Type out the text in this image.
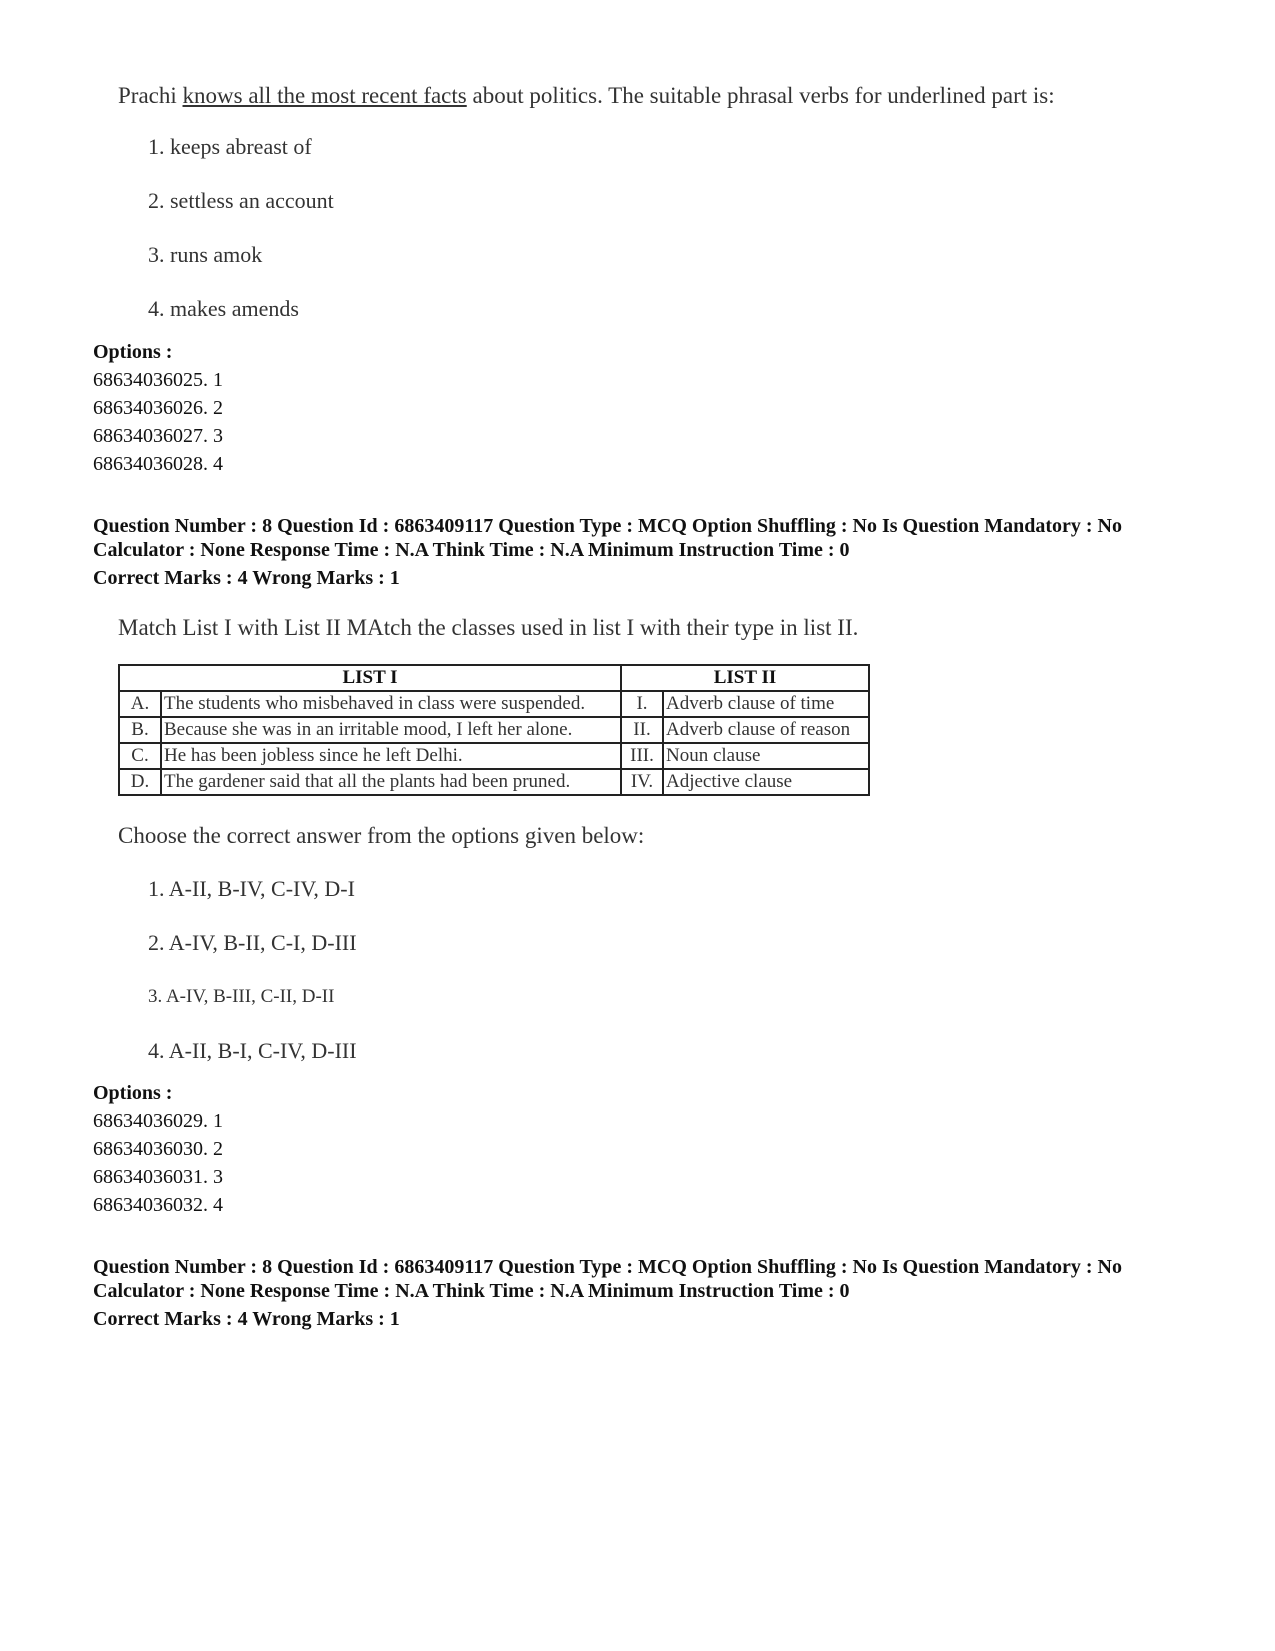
Prachi knows all the most recent facts about politics. The suitable phrasal verbs for underlined part is:
1. keeps abreast of
2. settless an account
3. runs amok
4. makes amends
Options :
68634036025. 1
68634036026. 2
68634036027. 3
68634036028. 4
Question Number : 8 Question Id : 6863409117 Question Type : MCQ Option Shuffling : No Is Question Mandatory : No
Calculator : None Response Time : N.A Think Time : N.A Minimum Instruction Time : 0
Correct Marks : 4 Wrong Marks : 1
Match List I with List II MAtch the classes used in list I with their type in list II.
LIST I		LIST II	
A.	The students who misbehaved in class were suspended.	I.	Adverb clause of time
B.	Because she was in an irritable mood, I left her alone.	II.	Adverb clause of reason
C.	He has been jobless since he left Delhi.	III.	Noun clause
D.	The gardener said that all the plants had been pruned.	IV.	Adjective clause
Choose the correct answer from the options given below:
1. A-II, B-IV, C-IV, D-I
2. A-IV, B-II, C-I, D-III
3. A-IV, B-III, C-II, D-II
4. A-II, B-I, C-IV, D-III
Options :
68634036029. 1
68634036030. 2
68634036031. 3
68634036032. 4
Question Number : 8 Question Id : 6863409117 Question Type : MCQ Option Shuffling : No Is Question Mandatory : No
Calculator : None Response Time : N.A Think Time : N.A Minimum Instruction Time : 0
Correct Marks : 4 Wrong Marks : 1
